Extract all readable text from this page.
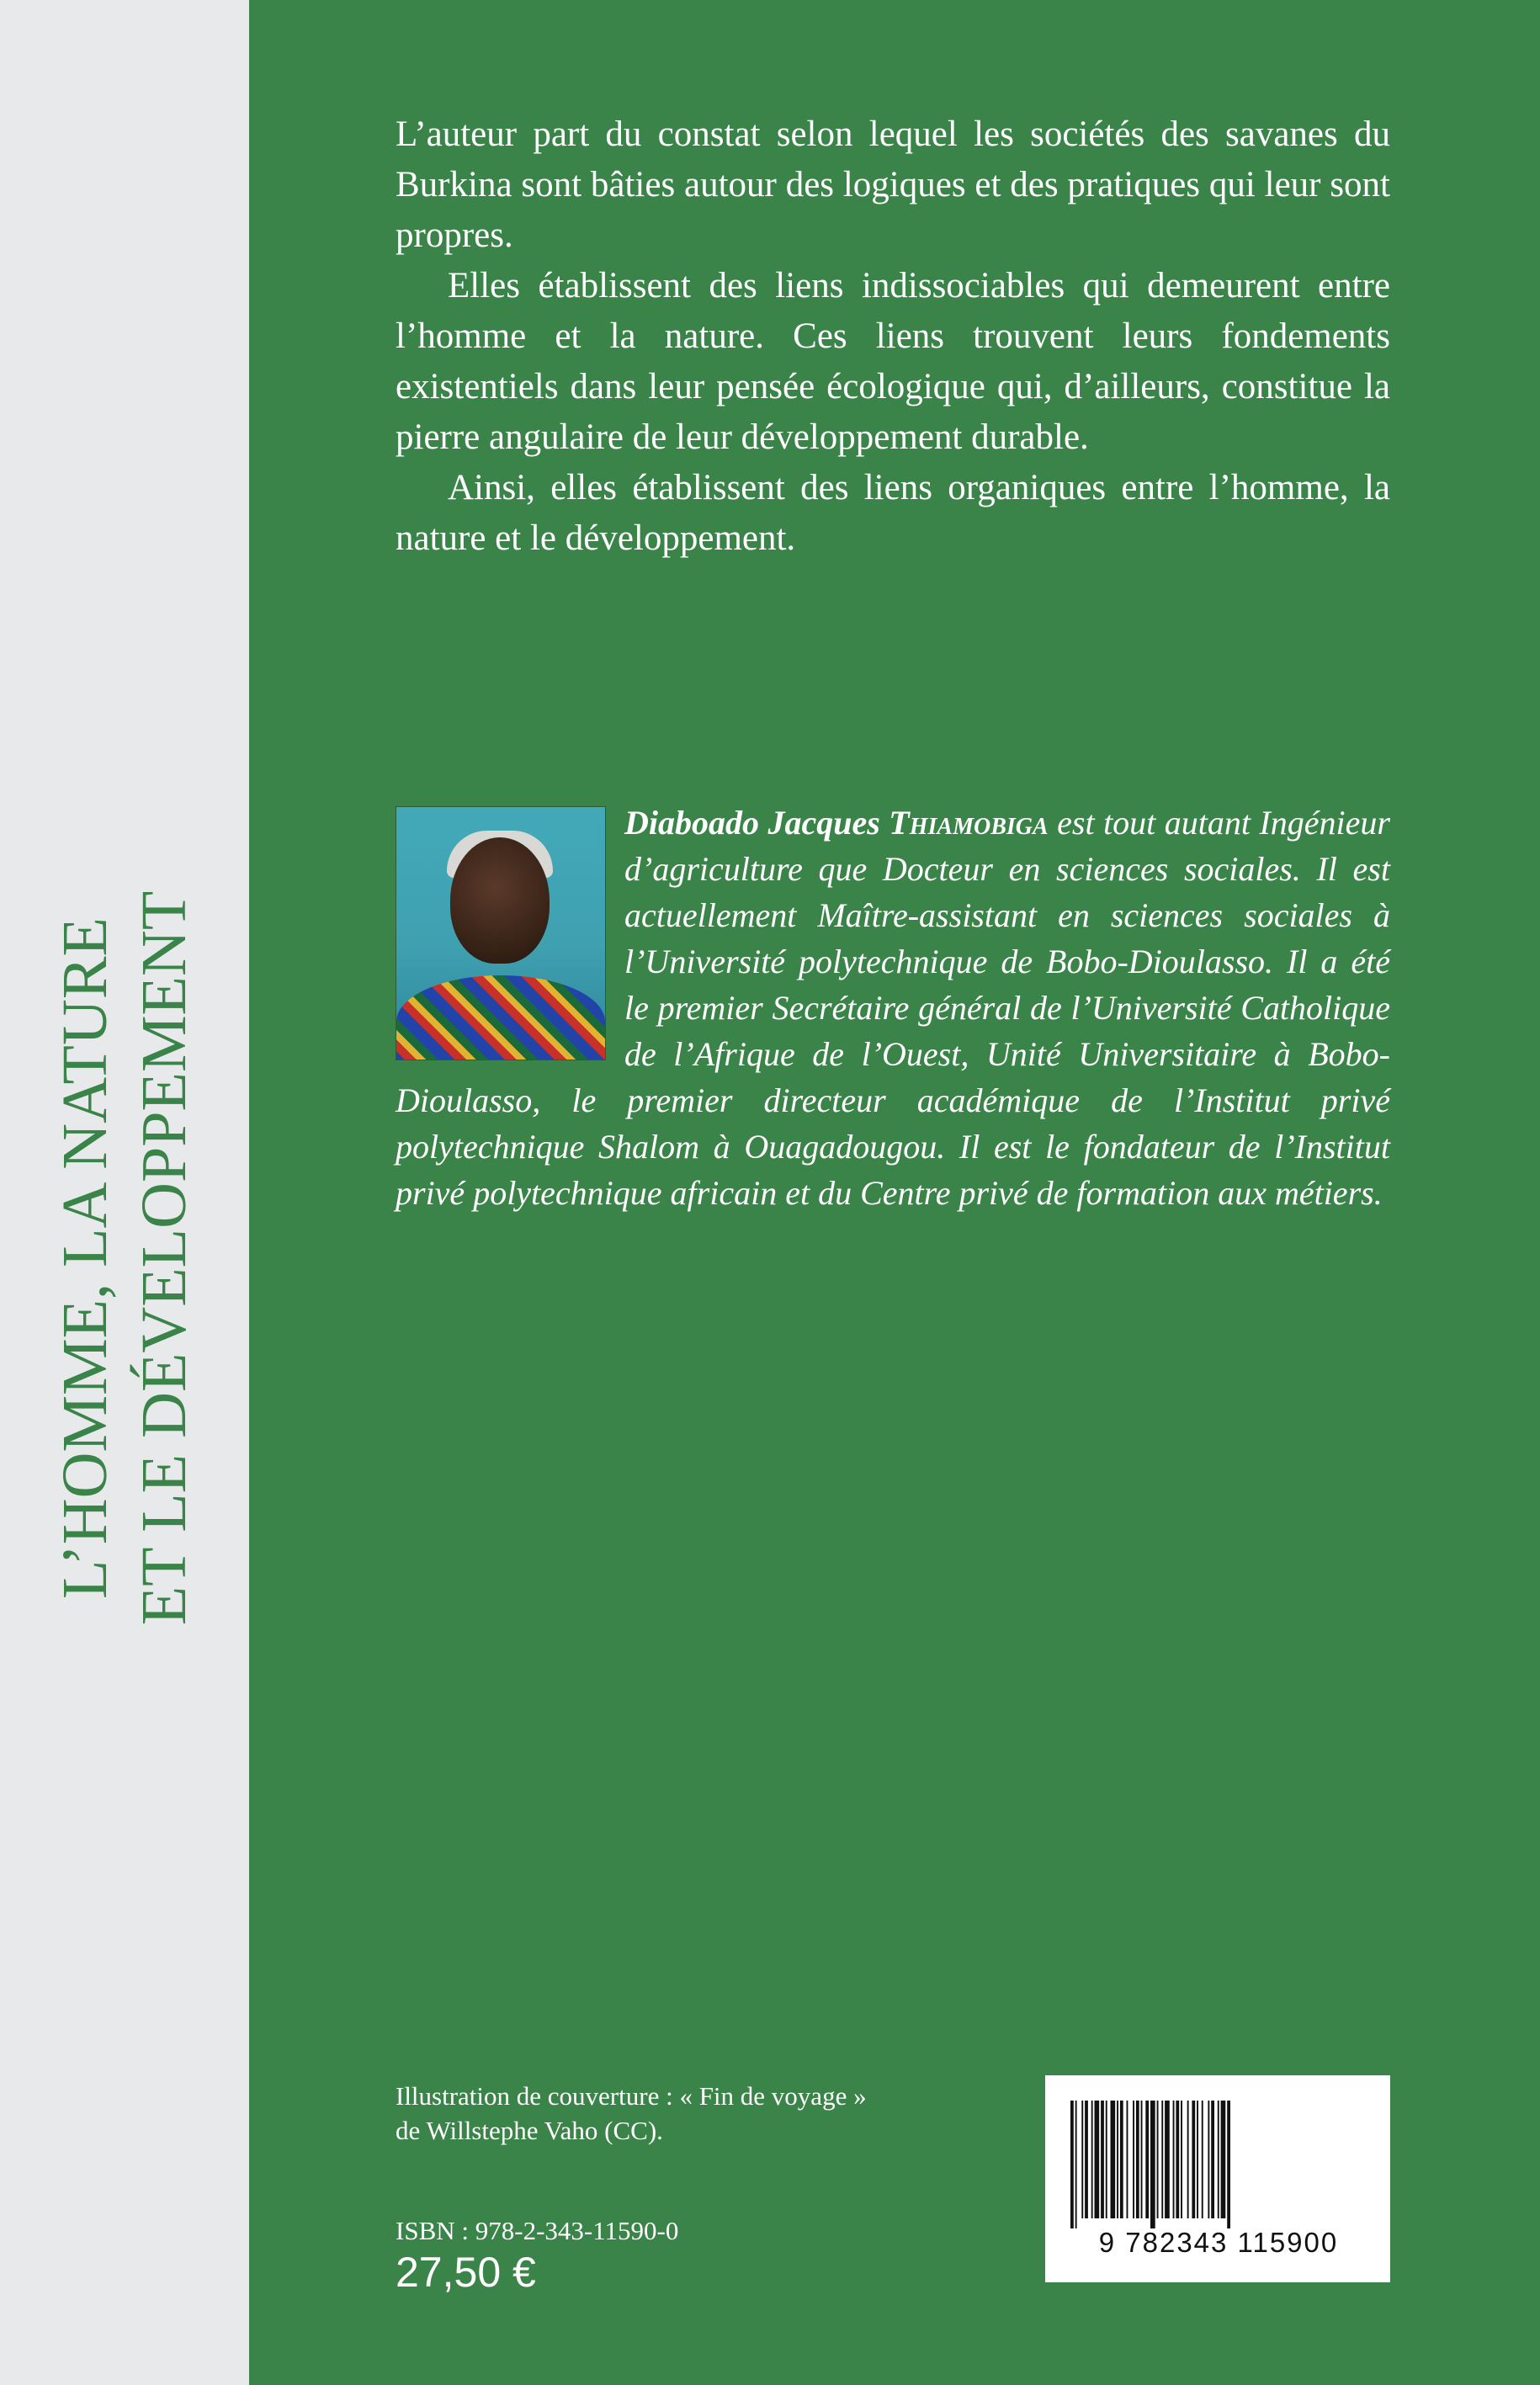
L’HOMME, LA NATURE ET LE DÉVELOPPEMENT

L’auteur part du constat selon lequel les sociétés des savanes du Burkina sont bâties autour des logiques et des pratiques qui leur sont propres.

Elles établissent des liens indissociables qui demeurent entre l’homme et la nature. Ces liens trouvent leurs fondements existentiels dans leur pensée écologique qui, d’ailleurs, constitue la pierre angulaire de leur développement durable.

Ainsi, elles établissent des liens organiques entre l’homme, la nature et le développement.

Diaboado Jacques Thiamobiga est tout autant Ingénieur d’agriculture que Docteur en sciences sociales. Il est actuellement Maître-assistant en sciences sociales à l’Université polytechnique de Bobo-Dioulasso. Il a été le premier Secrétaire général de l’Université Catholique de l’Afrique de l’Ouest, Unité Universitaire à Bobo-Dioulasso, le premier directeur académique de l’Institut privé polytechnique Shalom à Ouagadougou. Il est le fondateur de l’Institut privé polytechnique africain et du Centre privé de formation aux métiers.
Illustration de couverture : « Fin de voyage »
de Willstephe Vaho (CC).
ISBN : 978-2-343-11590-0
27,50 €
9 782343 115900
